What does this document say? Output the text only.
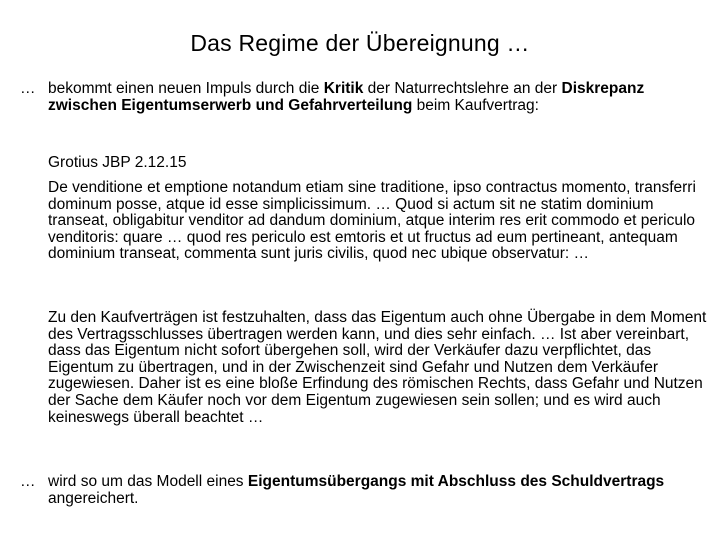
Das Regime der Übereignung …
… bekommt einen neuen Impuls durch die Kritik der Naturrechtslehre an der Diskrepanz zwischen Eigentumserwerb und Gefahrverteilung beim Kaufvertrag:
Grotius JBP 2.12.15
De venditione et emptione notandum etiam sine traditione, ipso contractus momento, transferri dominum posse, atque id esse simplicissimum. … Quod si actum sit ne statim dominium transeat, obligabitur venditor ad dandum dominium, atque interim res erit commodo et periculo venditoris: quare … quod res periculo est emtoris et ut fructus ad eum pertineant, antequam dominium transeat, commenta sunt juris civilis, quod nec ubique observatur: …
Zu den Kaufverträgen ist festzuhalten, dass das Eigentum auch ohne Übergabe in dem Moment des Vertragsschlusses übertragen werden kann, und dies sehr einfach. … Ist aber vereinbart, dass das Eigentum nicht sofort übergehen soll, wird der Verkäufer dazu verpflichtet, das Eigentum zu übertragen, und in der Zwischenzeit sind Gefahr und Nutzen dem Verkäufer zugewiesen. Daher ist es eine bloße Erfindung des römischen Rechts, dass Gefahr und Nutzen der Sache dem Käufer noch vor dem Eigentum zugewiesen sein sollen; und es wird auch keineswegs überall beachtet …
… wird so um das Modell eines Eigentumsübergangs mit Abschluss des Schuldvertrags angereichert.
